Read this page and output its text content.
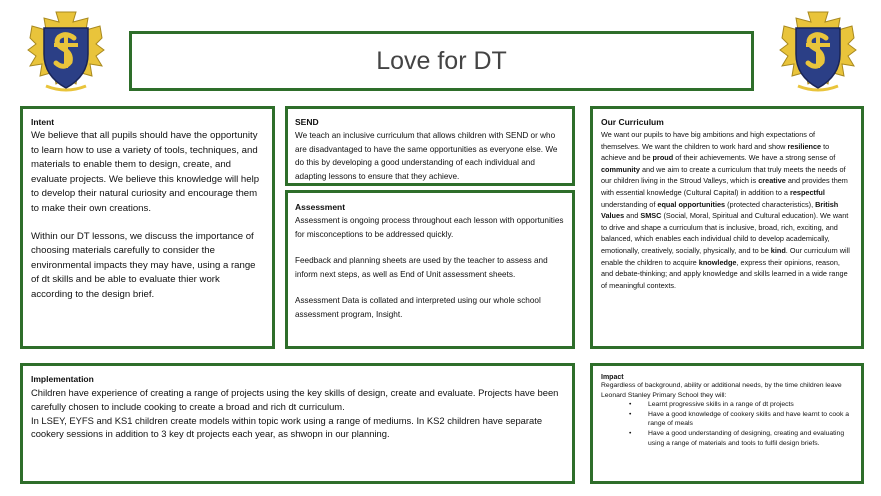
Love for DT

Intent

We believe that all pupils should have the opportunity to learn how to use a variety of tools, techniques, and materials to enable them to design, create, and evaluate projects. We believe this knowledge will help to develop their natural curiosity and encourage them to make their own creations.

Within our DT lessons, we discuss the importance of choosing materials carefully to consider the environmental impacts they may have, using a range of dt skills and be able to evaluate thier work according to the design brief.

SEND

We teach an inclusive curriculum that allows children with SEND or who are disadvantaged to have the same opportunities as everyone else. We do this by developing a good understanding of each individual and adapting lessons to ensure that they achieve.

Assessment

Assessment is ongoing process throughout each lesson with opportunities for misconceptions to be addressed quickly.

Feedback and planning sheets are used by the teacher to assess and inform next steps, as well as End of Unit assessment sheets.

Assessment Data is collated and interpreted using our whole school assessment program, Insight.

Our Curriculum

We want our pupils to have big ambitions and high expectations of themselves. We want the children to work hard and show resilience to achieve and be proud of their achievements. We have a strong sense of community and we aim to create a curriculum that truly meets the needs of our children living in the Stroud Valleys, which is creative and provides them with essential knowledge (Cultural Capital) in addition to a respectful understanding of equal opportunities (protected characteristics), British Values and SMSC (Social, Moral, Spiritual and Cultural education). We want to drive and shape a curriculum that is inclusive, broad, rich, exciting, and balanced, which enables each individual child to develop academically, emotionally, creatively, socially, physically, and to be kind. Our curriculum will enable the children to acquire knowledge, express their opinions, reason, and debate-thinking; and apply knowledge and skills learned in a wide range of meaningful contexts.

Implementation

Children have experience of creating a range of projects using the key skills of design, create and evaluate. Projects have been carefully chosen to include cooking to create a broad and rich dt curriculum.

In LSEY, EYFS and KS1 children create models within topic work using a range of mediums. In KS2 children have separate cookery sessions in addition to 3 key dt projects each year, as shwopn in our planning.

Impact

Regardless of background, ability or additional needs, by the time children leave Leonard Stanley Primary School they will:

• Learnt progressive skills in a range of dt projects
• Have a good knowledge of cookery skills and have learnt to cook a range of meals
• Have a good understanding of designing, creating and evaluating using a range of materials and tools to fulfil design briefs.
